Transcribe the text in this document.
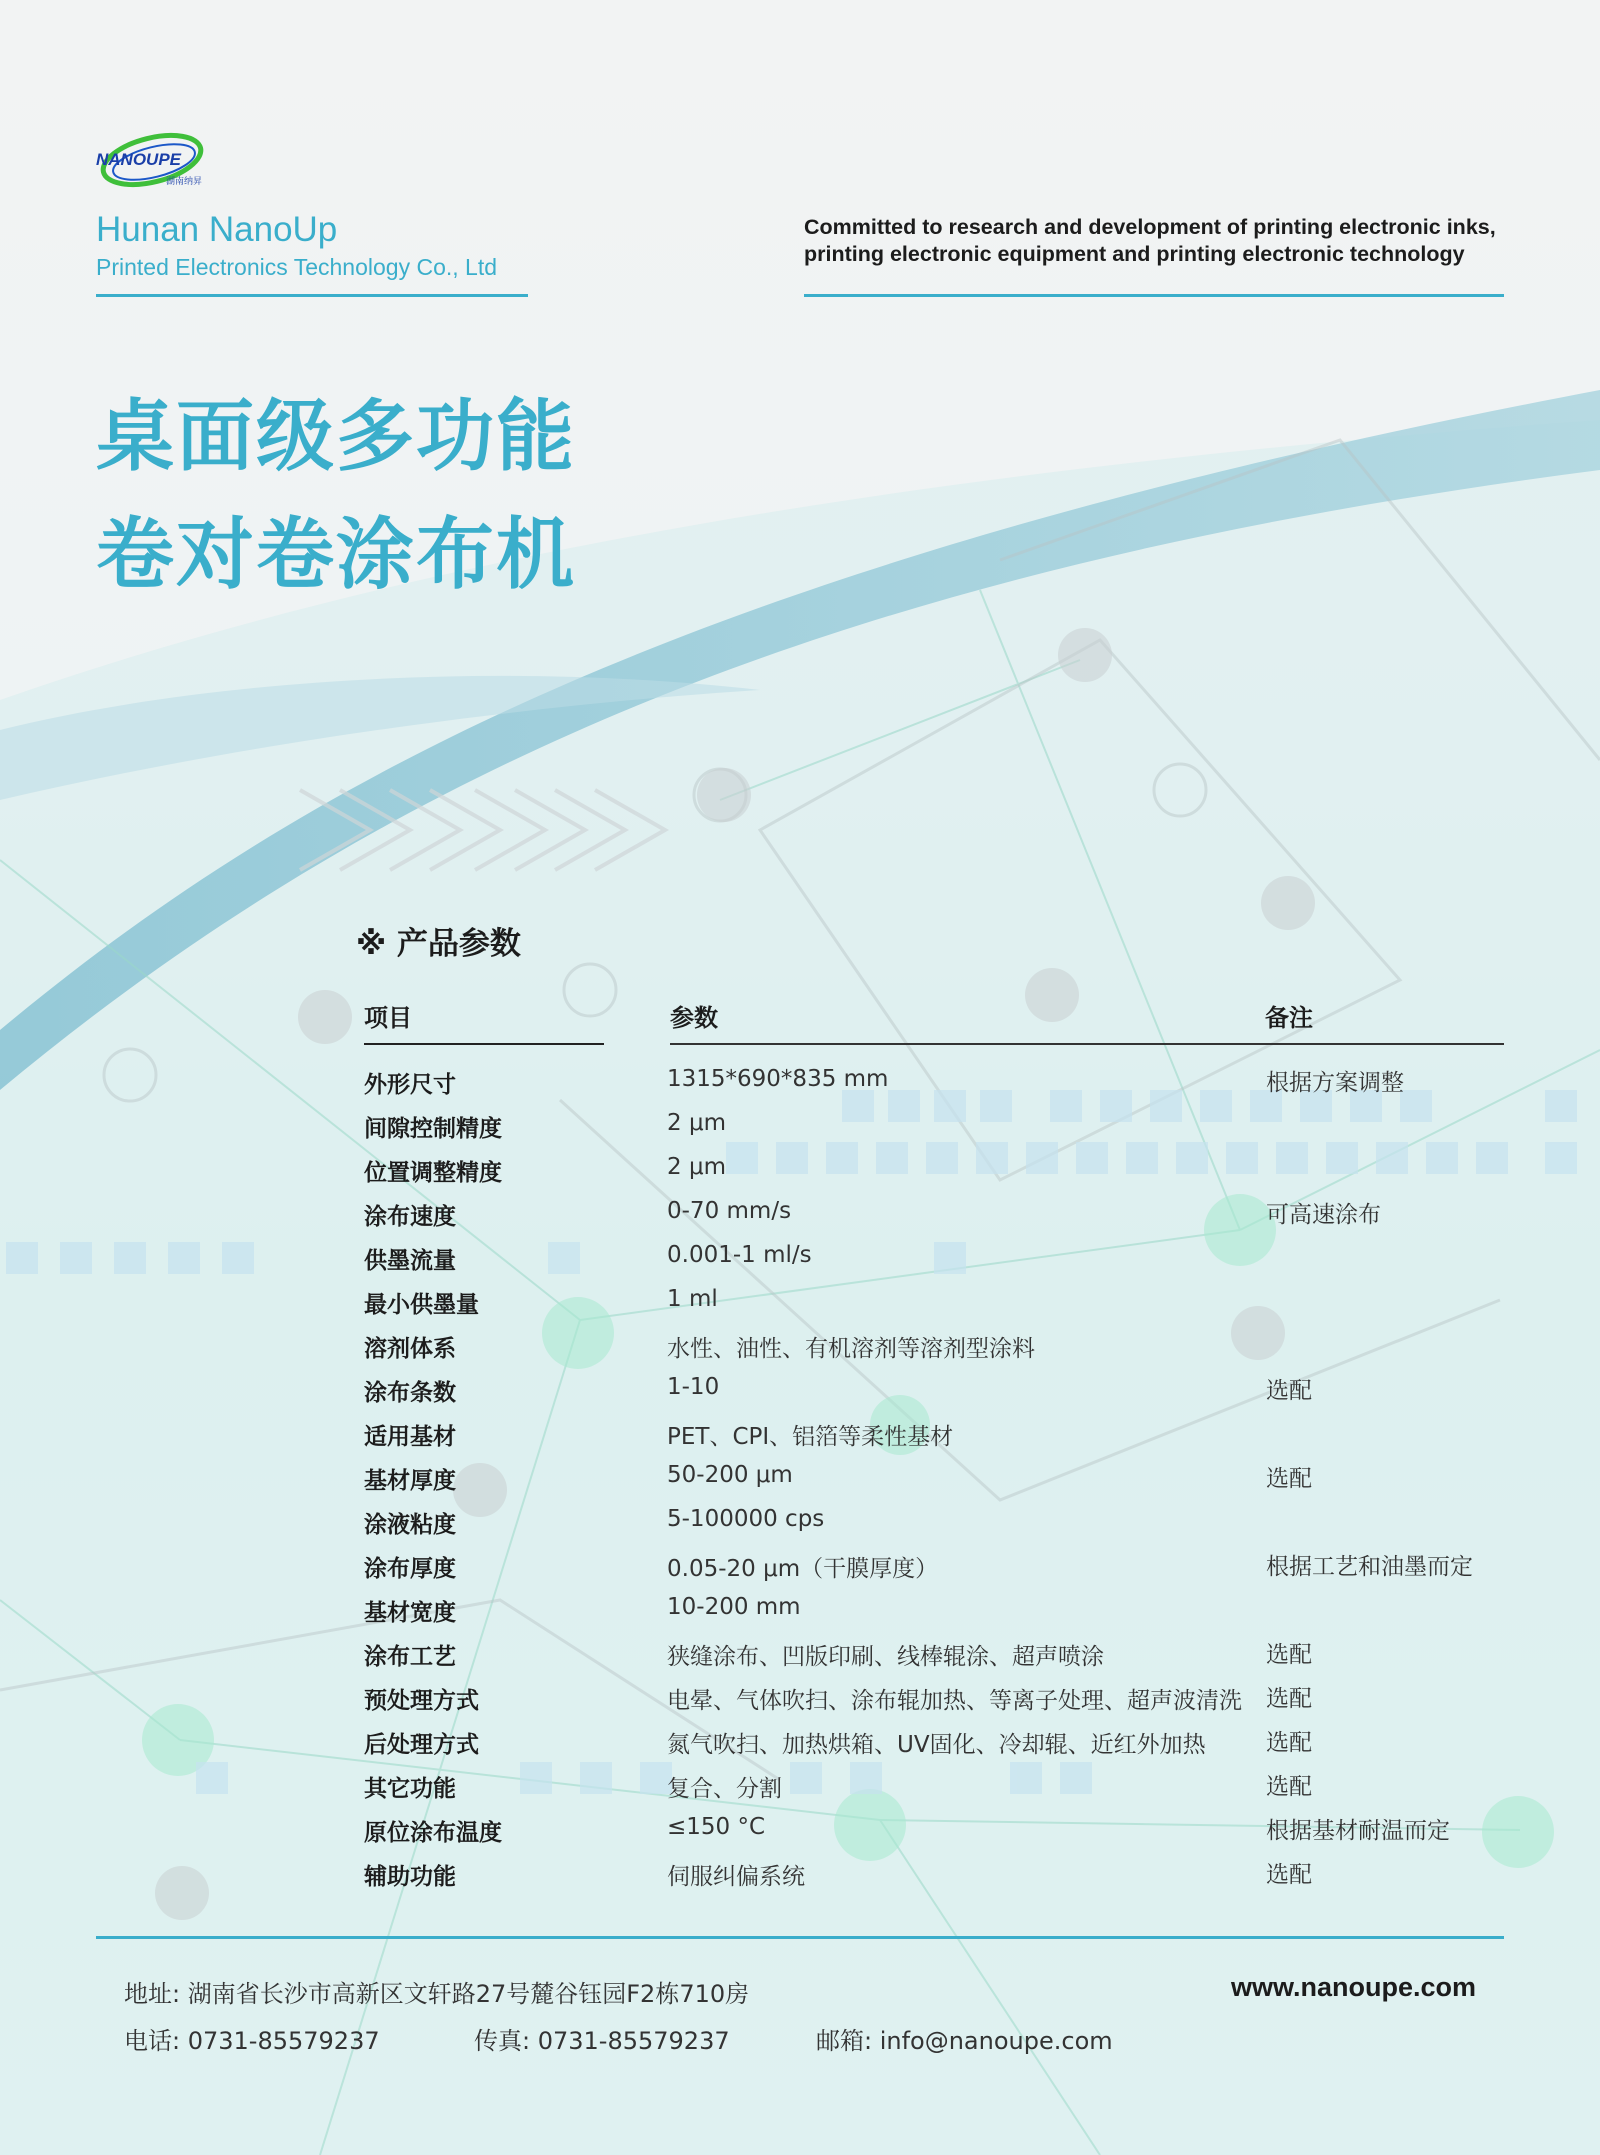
NANOUPE
湖南纳昇
Hunan NanoUp
Printed Electronics Technology Co., Ltd
Committed to research and development of printing electronic inks,
printing electronic equipment and printing electronic technology
桌面级多功能
卷对卷涂布机
※ 产品参数
项目	参数	备注
外形尺寸	1315*690*835 mm	根据方案调整
间隙控制精度	2 μm
位置调整精度	2 μm
涂布速度	0-70 mm/s	可高速涂布
供墨流量	0.001-1 ml/s
最小供墨量	1 ml
溶剂体系	水性、油性、有机溶剂等溶剂型涂料
涂布条数	1-10	选配
适用基材	PET、CPI、铝箔等柔性基材
基材厚度	50-200 μm	选配
涂液粘度	5-100000 cps
涂布厚度	0.05-20 μm（干膜厚度）	根据工艺和油墨而定
基材宽度	10-200 mm
涂布工艺	狭缝涂布、凹版印刷、线棒辊涂、超声喷涂	选配
预处理方式	电晕、气体吹扫、涂布辊加热、等离子处理、超声波清洗 选配
后处理方式	氮气吹扫、加热烘箱、UV固化、冷却辊、近红外加热	选配
其它功能	复合、分割	选配
原位涂布温度	≤150 °C	根据基材耐温而定
辅助功能	伺服纠偏系统	选配
地址: 湖南省长沙市高新区文轩路27号麓谷钰园F2栋710房	www.nanoupe.com
电话: 0731-85579237	传真: 0731-85579237	邮箱: info@nanoupe.com
